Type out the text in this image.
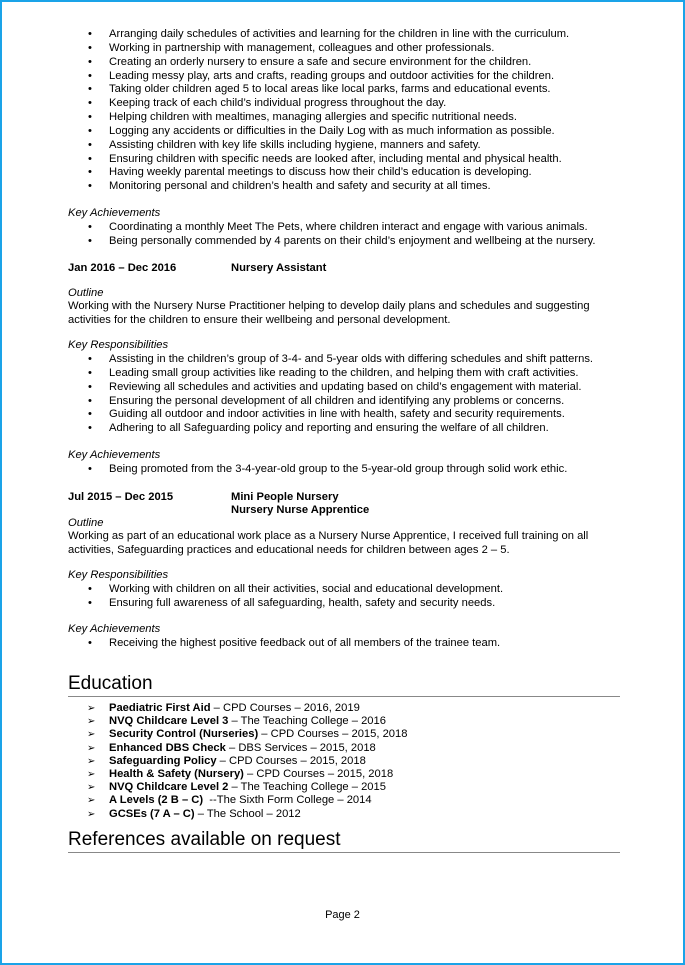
• Arranging daily schedules of activities and learning for the children in line with the curriculum.
• Working in partnership with management, colleagues and other professionals.
• Creating an orderly nursery to ensure a safe and secure environment for the children.
• Leading messy play, arts and crafts, reading groups and outdoor activities for the children.
• Taking older children aged 5 to local areas like local parks, farms and educational events.
• Keeping track of each child’s individual progress throughout the day.
• Helping children with mealtimes, managing allergies and specific nutritional needs.
• Logging any accidents or difficulties in the Daily Log with as much information as possible.
• Assisting children with key life skills including hygiene, manners and safety.
• Ensuring children with specific needs are looked after, including mental and physical health.
• Having weekly parental meetings to discuss how their child’s education is developing.
• Monitoring personal and children’s health and safety and security at all times.
Key Achievements
• Coordinating a monthly Meet The Pets, where children interact and engage with various animals.
• Being personally commended by 4 parents on their child’s enjoyment and wellbeing at the nursery.
Jan 2016 – Dec 2016	Nursery Assistant
Outline
Working with the Nursery Nurse Practitioner helping to develop daily plans and schedules and suggesting activities for the children to ensure their wellbeing and personal development.
Key Responsibilities
• Assisting in the children’s group of 3-4- and 5-year olds with differing schedules and shift patterns.
• Leading small group activities like reading to the children, and helping them with craft activities.
• Reviewing all schedules and activities and updating based on child’s engagement with material.
• Ensuring the personal development of all children and identifying any problems or concerns.
• Guiding all outdoor and indoor activities in line with health, safety and security requirements.
• Adhering to all Safeguarding policy and reporting and ensuring the welfare of all children.
Key Achievements
• Being promoted from the 3-4-year-old group to the 5-year-old group through solid work ethic.
Jul 2015 – Dec 2015	Mini People Nursery
Nursery Nurse Apprentice
Outline
Working as part of an educational work place as a Nursery Nurse Apprentice, I received full training on all activities, Safeguarding practices and educational needs for children between ages 2 – 5.
Key Responsibilities
• Working with children on all their activities, social and educational development.
• Ensuring full awareness of all safeguarding, health, safety and security needs.
Key Achievements
• Receiving the highest positive feedback out of all members of the trainee team.
Education
➢ Paediatric First Aid – CPD Courses – 2016, 2019
➢ NVQ Childcare Level 3 – The Teaching College – 2016
➢ Security Control (Nurseries) – CPD Courses – 2015, 2018
➢ Enhanced DBS Check – DBS Services – 2015, 2018
➢ Safeguarding Policy – CPD Courses – 2015, 2018
➢ Health & Safety (Nursery) – CPD Courses – 2015, 2018
➢ NVQ Childcare Level 2 – The Teaching College – 2015
➢ A Levels (2 B – C)  --The Sixth Form College – 2014
➢ GCSEs (7 A – C) – The School – 2012
References available on request
Page 2
